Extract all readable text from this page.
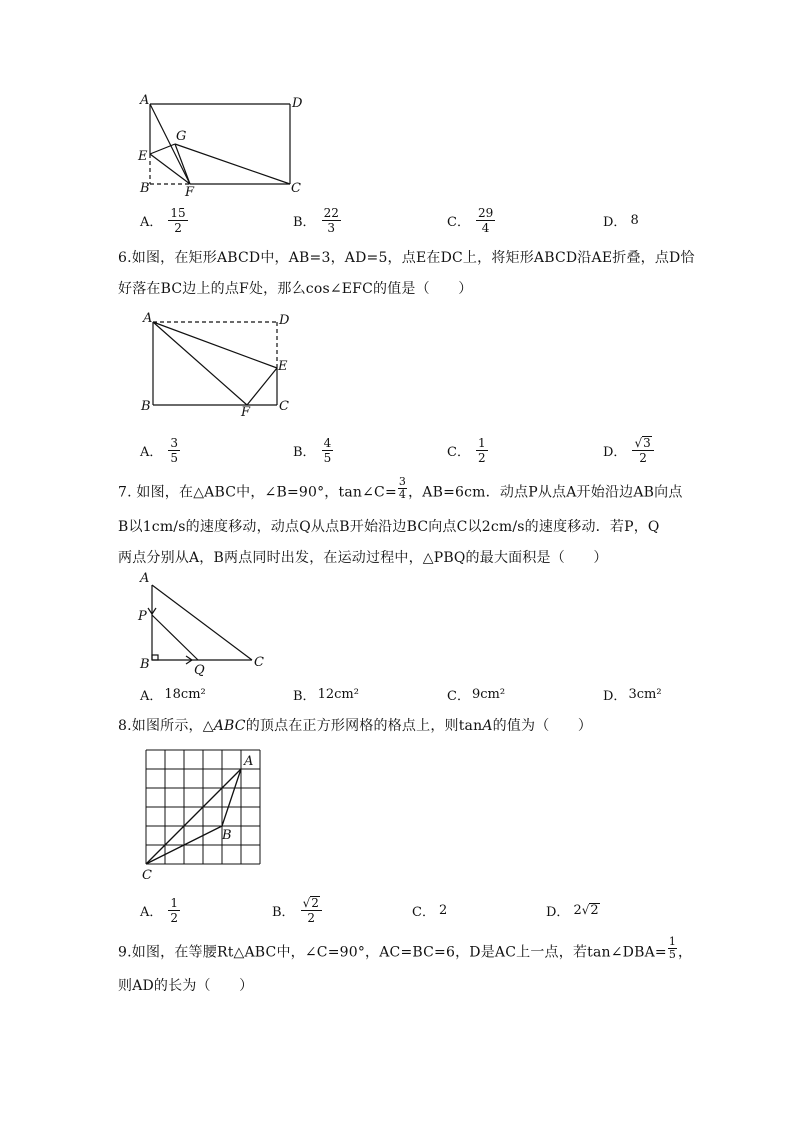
A	D
G
E
B	F	C
A． $\frac{15}{2}$	B． $\frac{22}{3}$	C． $\frac{29}{4}$	D． 8
6.如图，在矩形ABCD中，AB=3，AD=5，点E在DC上，将矩形ABCD沿AE折叠，点D恰
好落在BC边上的点F处，那么cos∠EFC的值是（　　）
A	D
E
B	F C
A． $\frac{3}{5}$	B． $\frac{4}{5}$	C． $\frac{1}{2}$	D． $\frac{√ 3}{2}$
7. 如图，在△ABC中，∠B=90°，tan∠C= $\frac{3}{4}$ ，AB=6cm．动点P从点A开始沿边AB向点
B以1cm/s的速度移动，动点Q从点B开始沿边BC向点C以2cm/s的速度移动．若P，Q
两点分别从A，B两点同时出发，在运动过程中，△PBQ的最大面积是（　　）
A
P
B	Q
C
A． 18cm²	B． 12cm²	C． 9cm²	D． 3cm²
8.如图所示，△ABC的顶点在正方形网格的格点上，则tanA的值为（　　）
A
B
C
A． $\frac{1}{2}$	B． $\frac{√ 2}{2}$	C． 2	D． 2 √ 2
9.如图，在等腰Rt△ABC中，∠C=90°，AC=BC=6，D是AC上一点，若tan∠DBA= $\frac{1}{5}$ ，
则AD的长为（　　）
